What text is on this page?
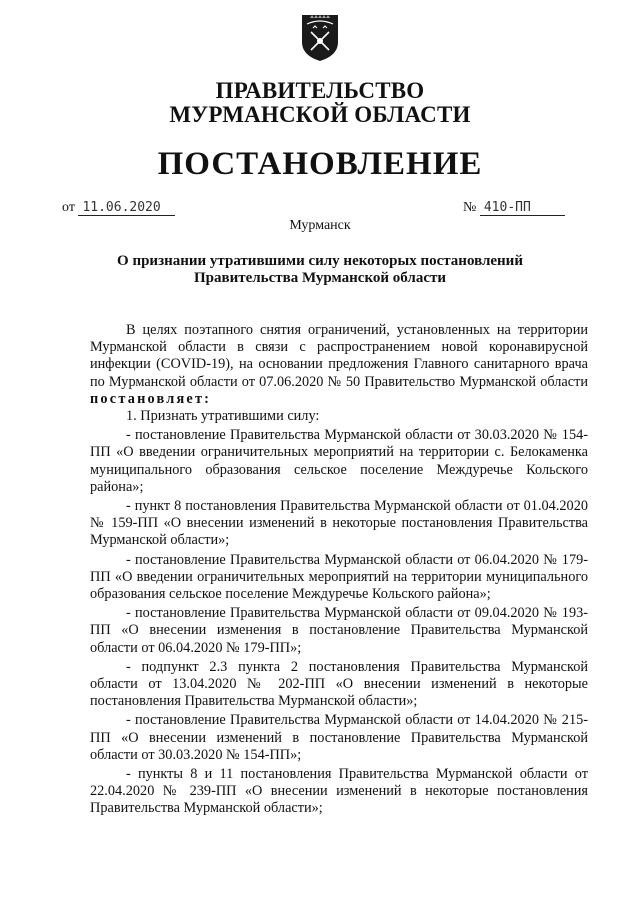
ПРАВИТЕЛЬСТВО
МУРМАНСКОЙ ОБЛАСТИ
ПОСТАНОВЛЕНИЕ
от 11.06.2020	№ 410-ПП
Мурманск
О признании утратившими силу некоторых постановлений
Правительства Мурманской области

В целях поэтапного снятия ограничений, установленных на территории Мурманской области в связи с распространением новой коронавирусной инфекции (COVID-19), на основании предложения Главного санитарного врача по Мурманской области от 07.06.2020 № 50 Правительство Мурманской области постановляет:

1. Признать утратившими силу:

- постановление Правительства Мурманской области от 30.03.2020 № 154-ПП «О введении ограничительных мероприятий на территории с. Белокаменка муниципального образования сельское поселение Междуречье Кольского района»;

- пункт 8 постановления Правительства Мурманской области от 01.04.2020 № 159-ПП «О внесении изменений в некоторые постановления Правительства Мурманской области»;

- постановление Правительства Мурманской области от 06.04.2020 № 179-ПП «О введении ограничительных мероприятий на территории муниципального образования сельское поселение Междуречье Кольского района»;

- постановление Правительства Мурманской области от 09.04.2020 № 193-ПП «О внесении изменения в постановление Правительства Мурманской области от 06.04.2020 № 179-ПП»;

- подпункт 2.3 пункта 2 постановления Правительства Мурманской области от 13.04.2020 № 202-ПП «О внесении изменений в некоторые постановления Правительства Мурманской области»;

- постановление Правительства Мурманской области от 14.04.2020 № 215-ПП «О внесении изменений в постановление Правительства Мурманской области от 30.03.2020 № 154-ПП»;

- пункты 8 и 11 постановления Правительства Мурманской области от 22.04.2020 № 239-ПП «О внесении изменений в некоторые постановления Правительства Мурманской области»;
